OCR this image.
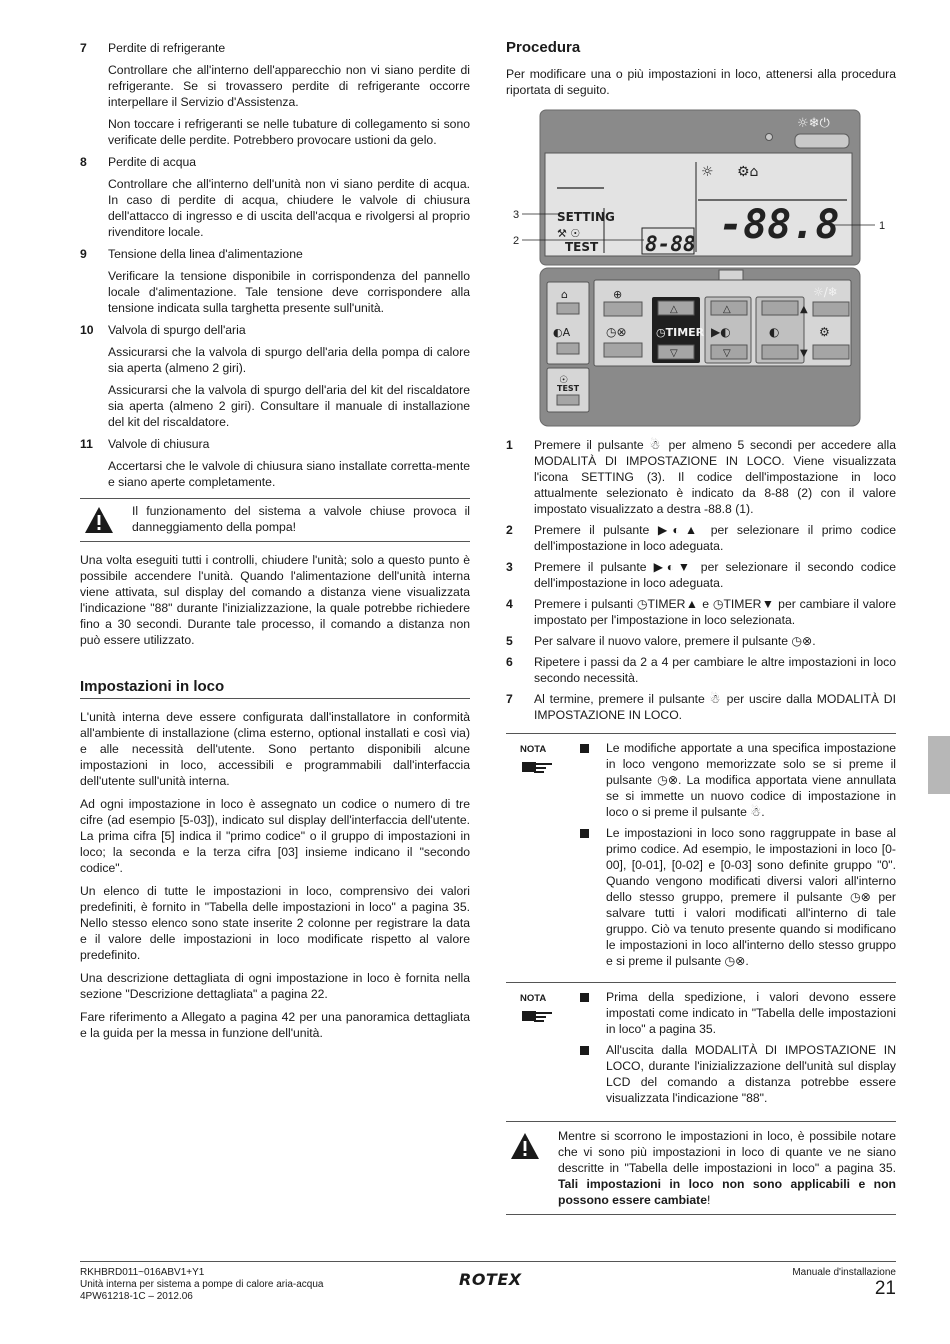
7 Perdite di refrigerante

Controllare che all'interno dell'apparecchio non vi siano perdite di refrigerante. Se si trovassero perdite di refrigerante occorre interpellare il Servizio d'Assistenza.

Non toccare i refrigeranti se nelle tubature di collegamento si sono verificate delle perdite. Potrebbero provocare ustioni da gelo.

8 Perdite di acqua

Controllare che all'interno dell'unità non vi siano perdite di acqua. In caso di perdite di acqua, chiudere le valvole di chiusura dell'attacco di ingresso e di uscita dell'acqua e rivolgersi al proprio rivenditore locale.

9 Tensione della linea d'alimentazione

Verificare la tensione disponibile in corrispondenza del pannello locale d'alimentazione. Tale tensione deve corrispondere alla tensione indicata sulla targhetta presente sull'unità.

10 Valvola di spurgo dell'aria

Assicurarsi che la valvola di spurgo dell'aria della pompa di calore sia aperta (almeno 2 giri).

Assicurarsi che la valvola di spurgo dell'aria del kit del riscaldatore sia aperta (almeno 2 giri). Consultare il manuale di installazione del kit del riscaldatore.

11 Valvole di chiusura

Accertarsi che le valvole di chiusura siano installate corretta-mente e siano aperte completamente.

Il funzionamento del sistema a valvole chiuse provoca il danneggiamento della pompa!

Una volta eseguiti tutti i controlli, chiudere l'unità; solo a questo punto è possibile accendere l'unità. Quando l'alimentazione dell'unità interna viene attivata, sul display del comando a distanza viene visualizzata l'indicazione "88" durante l'inizializzazione, la quale potrebbe richiedere fino a 30 secondi. Durante tale processo, il comando a distanza non può essere utilizzato.

Impostazioni in loco

L'unità interna deve essere configurata dall'installatore in conformità all'ambiente di installazione (clima esterno, optional installati e così via) e alle necessità dell'utente. Sono pertanto disponibili alcune impostazioni in loco, accessibili e programmabili dall'interfaccia dell'utente sull'unità interna.

Ad ogni impostazione in loco è assegnato un codice o numero di tre cifre (ad esempio [5-03]), indicato sul display dell'interfaccia dell'utente. La prima cifra [5] indica il "primo codice" o il gruppo di impostazioni in loco; la seconda e la terza cifra [03] insieme indicano il "secondo codice".

Un elenco di tutte le impostazioni in loco, comprensivo dei valori predefiniti, è fornito in "Tabella delle impostazioni in loco" a pagina 35. Nello stesso elenco sono state inserite 2 colonne per registrare la data e il valore delle impostazioni in loco modificate rispetto al valore predefinito.

Una descrizione dettagliata di ogni impostazione in loco è fornita nella sezione "Descrizione dettagliata" a pagina 22.

Fare riferimento a Allegato a pagina 42 per una panoramica dettagliata e la guida per la messa in funzione dell'unità.

Procedura

Per modificare una o più impostazioni in loco, attenersi alla procedura riportata di seguito.

☼❄⏻
☼ ⚙⌂
SETTING
⚒ ☉
TEST 8-88 -88.8
3
2
1
⌂
◐A
☉
TEST
⊕
◷⊗
△
◷TIMER
▽
△
▶◐
▽
▲
◐
▼
☼/❄
⚙
1 Premere il pulsante ☃ per almeno 5 secondi per accedere alla MODALITÀ DI IMPOSTAZIONE IN LOCO. Viene visualizzata l'icona SETTING (3). Il codice dell'impostazione in loco attualmente selezionato è indicato da 8-88 (2) con il valore impostato visualizzato a destra -88.8 (1).
2 Premere il pulsante ▶◐▲ per selezionare il primo codice dell'impostazione in loco adeguata.
3 Premere il pulsante ▶◐▼ per selezionare il secondo codice dell'impostazione in loco adeguata.
4 Premere i pulsanti ◷TIMER▲ e ◷TIMER▼ per cambiare il valore impostato per l'impostazione in loco selezionata.
5 Per salvare il nuovo valore, premere il pulsante ◷⊗.
6 Ripetere i passi da 2 a 4 per cambiare le altre impostazioni in loco secondo necessità.
7 Al termine, premere il pulsante ☃ per uscire dalla MODALITÀ DI IMPOSTAZIONE IN LOCO.
NOTA	Le modifiche apportate a una specifica impostazione in loco vengono memorizzate solo se si preme il pulsante ◷⊗. La modifica apportata viene annullata se si immette un nuovo codice di impostazione in loco o si preme il pulsante ☃.

Le impostazioni in loco sono raggruppate in base al primo codice. Ad esempio, le impostazioni in loco [0-00], [0-01], [0-02] e [0-03] sono definite gruppo "0". Quando vengono modificati diversi valori all'interno dello stesso gruppo, premere il pulsante ◷⊗ per salvare tutti i valori modificati all'interno di tale gruppo. Ciò va tenuto presente quando si modificano le impostazioni in loco all'interno dello stesso gruppo e si preme il pulsante ◷⊗.

NOTA	Prima della spedizione, i valori devono essere impostati come indicato in "Tabella delle impostazioni in loco" a pagina 35.

All'uscita dalla MODALITÀ DI IMPOSTAZIONE IN LOCO, durante l'inizializzazione dell'unità sul display LCD del comando a distanza potrebbe essere visualizzata l'indicazione "88".

Mentre si scorrono le impostazioni in loco, è possibile notare che vi sono più impostazioni in loco di quante ve ne siano descritte in "Tabella delle impostazioni in loco" a pagina 35. Tali impostazioni in loco non sono applicabili e non possono essere cambiate!

RKHBRD011~016ABV1+Y1
Unità interna per sistema a pompe di calore aria-acqua
4PW61218-1C – 2012.06
Manuale d'installazione
21
ROTEX
